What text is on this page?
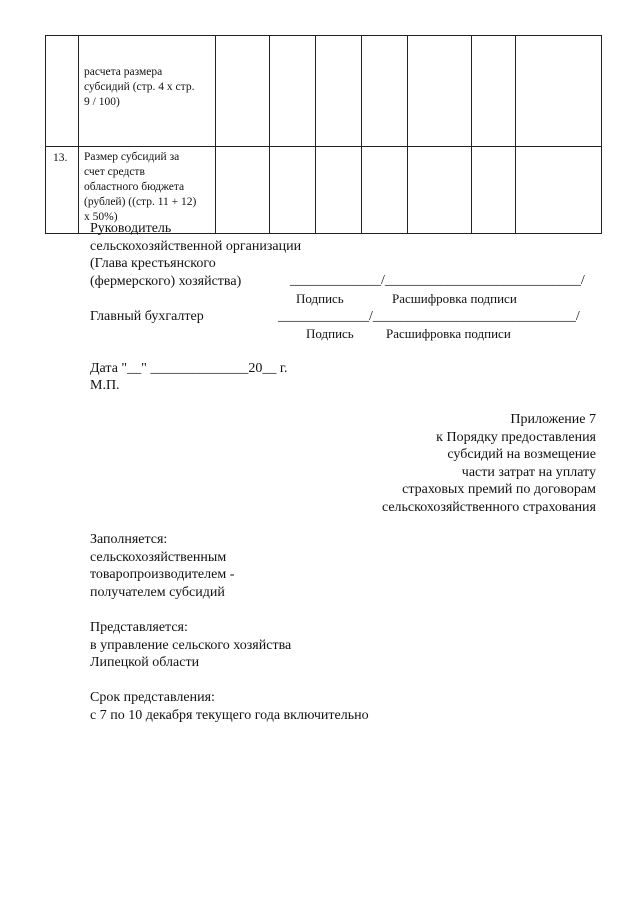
	расчета размера
субсидий (стр. 4 х стр.
9 / 100)							

13.	Размер субсидий за
счет средств
областного бюджета
(рублей) ((стр. 11 + 12)
х 50%)							

Руководитель
сельскохозяйственной организации
(Глава крестьянского
(фермерского) хозяйства)	_____________/____________________________/
Подпись	Расшифровка подписи
Главный бухгалтер	_____________/_____________________________/
Подпись Расшифровка подписи
Дата "__" ______________20__ г.
М.П.
Приложение 7
к Порядку предоставления
субсидий на возмещение
части затрат на уплату
страховых премий по договорам
сельскохозяйственного страхования
Заполняется:
сельскохозяйственным
товаропроизводителем -
получателем субсидий
Представляется:
в управление сельского хозяйства
Липецкой области
Срок представления:
с 7 по 10 декабря текущего года включительно
